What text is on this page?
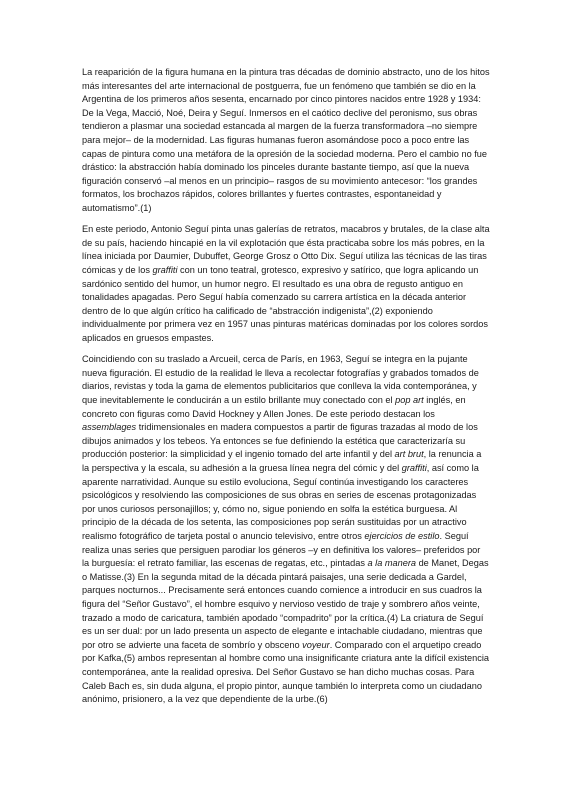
La reaparición de la figura humana en la pintura tras décadas de dominio abstracto, uno de los hitos más interesantes del arte internacional de postguerra, fue un fenómeno que también se dio en la Argentina de los primeros años sesenta, encarnado por cinco pintores nacidos entre 1928 y 1934: De la Vega, Macció, Noé, Deira y Seguí. Inmersos en el caótico declive del peronismo, sus obras tendieron a plasmar una sociedad estancada al margen de la fuerza transformadora –no siempre para mejor– de la modernidad. Las figuras humanas fueron asomándose poco a poco entre las capas de pintura como una metáfora de la opresión de la sociedad moderna. Pero el cambio no fue drástico: la abstracción había dominado los pinceles durante bastante tiempo, así que la nueva figuración conservó –al menos en un principio– rasgos de su movimiento antecesor: “los grandes formatos, los brochazos rápidos, colores brillantes y fuertes contrastes, espontaneidad y automatismo”.(1)

En este periodo, Antonio Seguí pinta unas galerías de retratos, macabros y brutales, de la clase alta de su país, haciendo hincapié en la vil explotación que ésta practicaba sobre los más pobres, en la línea iniciada por Daumier, Dubuffet, George Grosz o Otto Dix. Seguí utiliza las técnicas de las tiras cómicas y de los graffiti con un tono teatral, grotesco, expresivo y satírico, que logra aplicando un sardónico sentido del humor, un humor negro. El resultado es una obra de regusto antiguo en tonalidades apagadas. Pero Seguí había comenzado su carrera artística en la década anterior dentro de lo que algún crítico ha calificado de “abstracción indigenista”,(2) exponiendo individualmente por primera vez en 1957 unas pinturas matéricas dominadas por los colores sordos aplicados en gruesos empastes.

Coincidiendo con su traslado a Arcueil, cerca de París, en 1963, Seguí se integra en la pujante nueva figuración. El estudio de la realidad le lleva a recolectar fotografías y grabados tomados de diarios, revistas y toda la gama de elementos publicitarios que conlleva la vida contemporánea, y que inevitablemente le conducirán a un estilo brillante muy conectado con el pop art inglés, en concreto con figuras como David Hockney y Allen Jones. De este periodo destacan los assemblages tridimensionales en madera compuestos a partir de figuras trazadas al modo de los dibujos animados y los tebeos. Ya entonces se fue definiendo la estética que caracterizaría su producción posterior: la simplicidad y el ingenio tomado del arte infantil y del art brut, la renuncia a la perspectiva y la escala, su adhesión a la gruesa línea negra del cómic y del graffiti, así como la aparente narratividad. Aunque su estilo evoluciona, Seguí continúa investigando los caracteres psicológicos y resolviendo las composiciones de sus obras en series de escenas protagonizadas por unos curiosos personajillos; y, cómo no, sigue poniendo en solfa la estética burguesa. Al principio de la década de los setenta, las composiciones pop serán sustituidas por un atractivo realismo fotográfico de tarjeta postal o anuncio televisivo, entre otros ejercicios de estilo. Seguí realiza unas series que persiguen parodiar los géneros –y en definitiva los valores– preferidos por la burguesía: el retrato familiar, las escenas de regatas, etc., pintadas a la manera de Manet, Degas o Matisse.(3) En la segunda mitad de la década pintará paisajes, una serie dedicada a Gardel, parques nocturnos... Precisamente será entonces cuando comience a introducir en sus cuadros la figura del “Señor Gustavo”, el hombre esquivo y nervioso vestido de traje y sombrero años veinte, trazado a modo de caricatura, también apodado “compadrito” por la crítica.(4) La criatura de Seguí es un ser dual: por un lado presenta un aspecto de elegante e intachable ciudadano, mientras que por otro se advierte una faceta de sombrío y obsceno voyeur. Comparado con el arquetipo creado por Kafka,(5) ambos representan al hombre como una insignificante criatura ante la difícil existencia contemporánea, ante la realidad opresiva. Del Señor Gustavo se han dicho muchas cosas. Para Caleb Bach es, sin duda alguna, el propio pintor, aunque también lo interpreta como un ciudadano anónimo, prisionero, a la vez que dependiente de la urbe.(6)
